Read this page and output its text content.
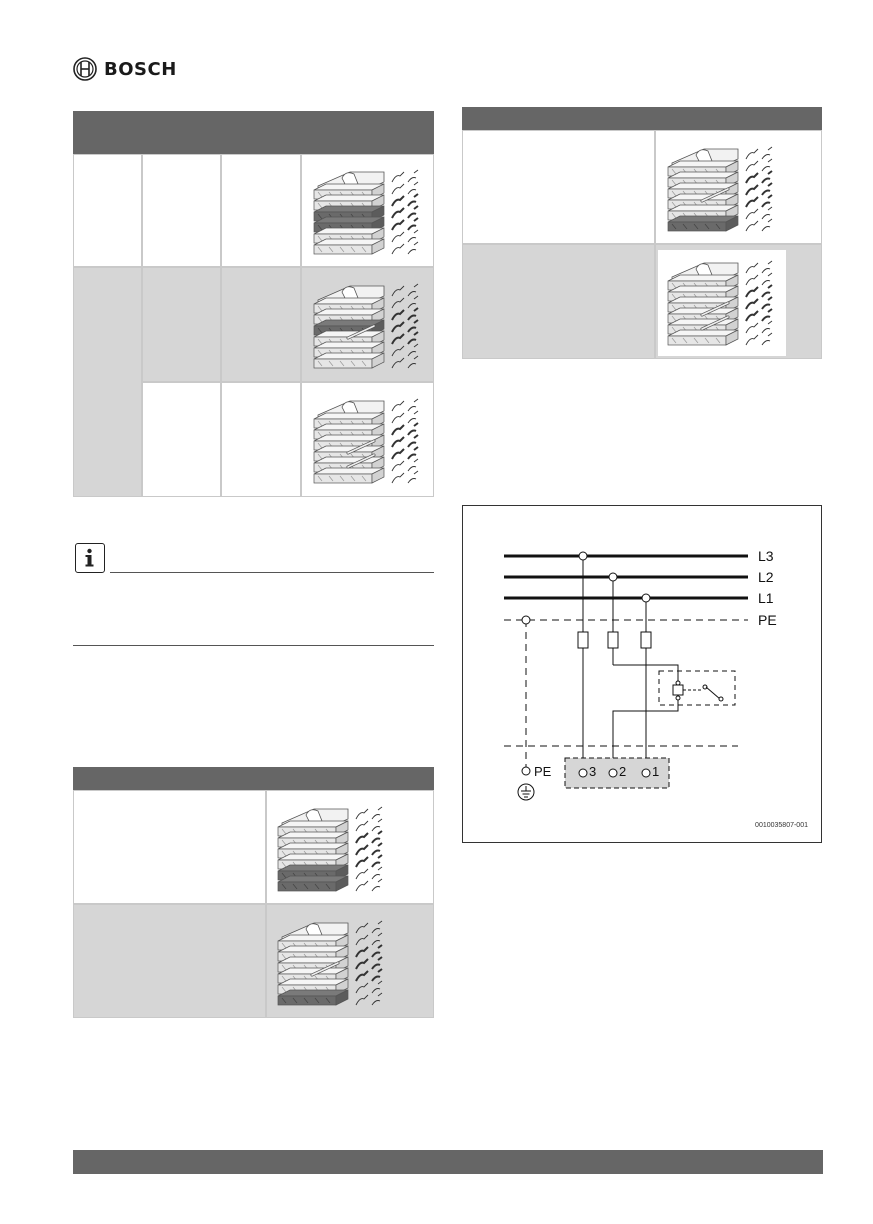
BOSCH
L3
L2
L1
PE
3 2 1
PE
0010035807-001
